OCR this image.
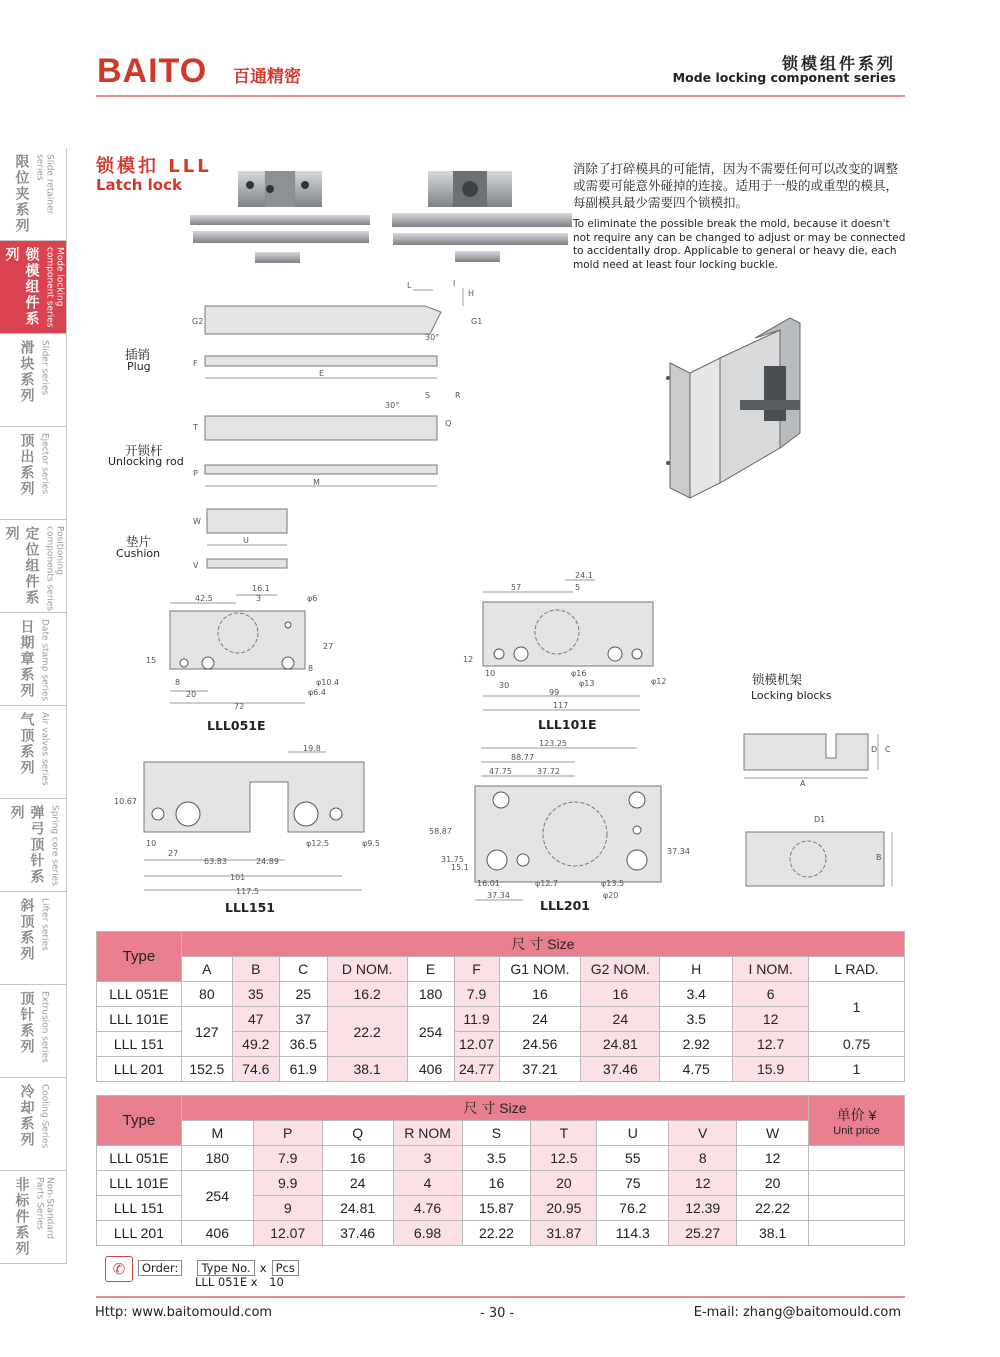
BAITO 百通精密
锁模组件系列
Mode locking component series
限位夹系列	Slide retainer series
锁模组件系列	Mode locking component series
滑块系列 Slider series
顶出系列 Ejector series
定位组件系列	Positioning components series
日期章系列 Date stamp series
气顶系列 Air valves series
弹弓顶针系列	Spring core series
斜顶系列 Lifter series
顶针系列 Extrusion series
冷却系列 Cooling Series
非标件系列	Non-Standard Parts Series
锁模扣 LLL
Latch lock
消除了打碎模具的可能情，因为不需要任何可以改变的调整或需要可能意外碰掉的连接。适用于一般的或重型的模具，每副模具最少需要四个锁模扣。
To eliminate the possible break the mold, because it doesn't not require any can be changed to adjust or may be connected to accidentally drop. Applicable to general or heavy die, each mold need at least four locking buckle.
L	I
H
G1
G2
30°
F
E
T
30°
S	R
Q
P
M
W
U
V
插销
Plug
开锁杆
Unlocking rod
垫片
Cushion
锁模机架
Locking blocks
A
D C
D1
B
42.5
16.1
3	φ6
15
27
8
20
72
8
φ10.4
φ6.4
LLL051E
57
24.1
5
12
10
30
99
117
φ16
φ13	φ12
LLL101E
19.8
10.67
10
27
63.83	24.89
101
117.5
φ12.5	φ9.5
LLL151
123.25
88.77
47.75	37.72
58.87
31.75
15.1
37.34
16.01
37.34
φ12.7	φ13.5
φ20
LLL201
Type	尺 寸 Size										
	A	B	C	D NOM.	E	F	G1 NOM.	G2 NOM.	H	I NOM.	L RAD.
LLL 051E	80	35	25	16.2	180	7.9	16	16	3.4	6	1
LLL 101E	127	47	37	22.2	254	11.9	24	24	3.5	12	
LLL 151		49.2	36.5			12.07	24.56	24.81	2.92	12.7	0.75
LLL 201	152.5	74.6	61.9	38.1	406	24.77	37.21	37.46	4.75	15.9	1
Type	尺 寸 Size									单价 ¥
Unit price

	M	P	Q	R NOM	S	T	U	V	W	
LLL 051E	180	7.9	16	3	3.5	12.5	55	8	12	
LLL 101E	254	9.9	24	4	16	20	75	12	20	
LLL 151		9	24.81	4.76	15.87	20.95	76.2	12.39	22.22	
LLL 201	406	12.07	37.46	6.98	22.22	31.87	114.3	25.27	38.1	
✆	Order: Type No. x Pcs
LLL 051E x 10
Http: www.baitomould.com	- 30 -	E-mail: zhang@baitomould.com
